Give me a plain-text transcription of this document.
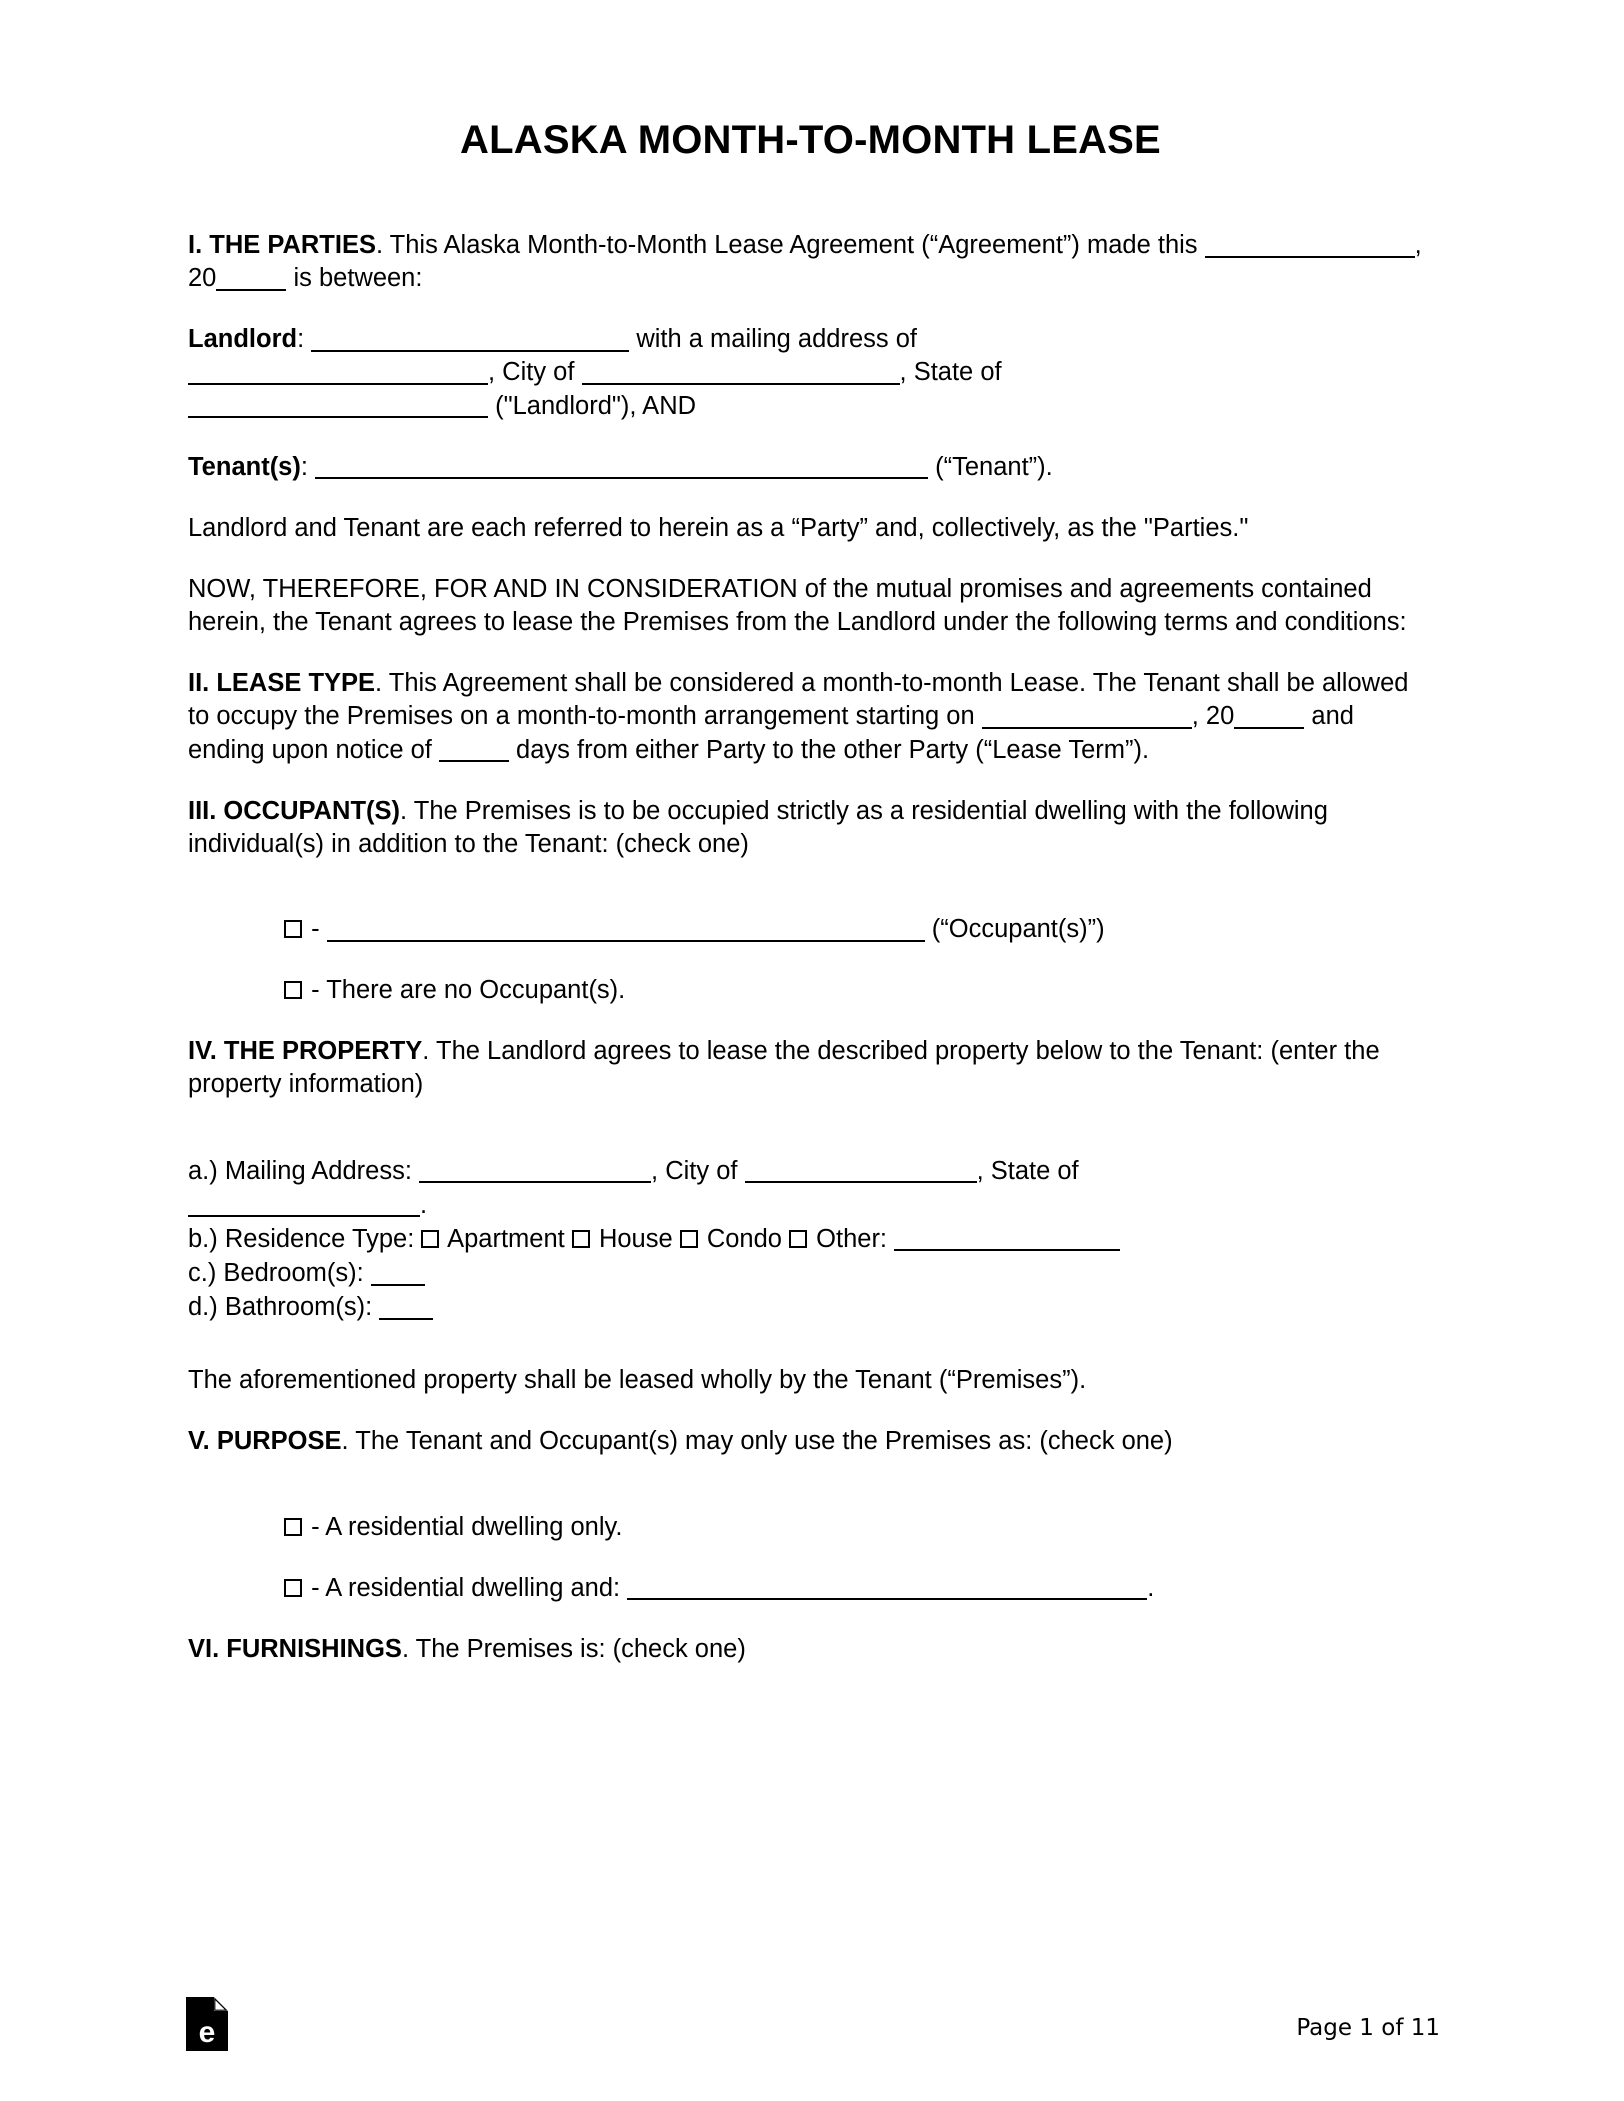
ALASKA MONTH-TO-MONTH LEASE

I. THE PARTIES. This Alaska Month-to-Month Lease Agreement (“Agreement”) made this	, 20	is between:

Landlord:	with a mailing address of
, City of	, State of
("Landlord"), AND

Tenant(s):	(“Tenant”).

Landlord and Tenant are each referred to herein as a “Party” and, collectively, as the "Parties."

NOW, THEREFORE, FOR AND IN CONSIDERATION of the mutual promises and agreements contained herein, the Tenant agrees to lease the Premises from the Landlord under the following terms and conditions:

II. LEASE TYPE. This Agreement shall be considered a month-to-month Lease. The Tenant shall be allowed to occupy the Premises on a month-to-month arrangement starting on	, 20	and ending upon notice of	days from either Party to the other Party (“Lease Term”).

III. OCCUPANT(S). The Premises is to be occupied strictly as a residential dwelling with the following individual(s) in addition to the Tenant: (check one)

-	(“Occupant(s)”)

- There are no Occupant(s).

IV. THE PROPERTY. The Landlord agrees to lease the described property below to the Tenant: (enter the property information)

a.) Mailing Address:	, City of	, State of
.

b.) Residence Type:  Apartment  House  Condo  Other:

c.) Bedroom(s):

d.) Bathroom(s):

The aforementioned property shall be leased wholly by the Tenant (“Premises”).

V. PURPOSE. The Tenant and Occupant(s) may only use the Premises as: (check one)

- A residential dwelling only.

- A residential dwelling and:	.

VI. FURNISHINGS. The Premises is: (check one)

e	Page 1 of 11
